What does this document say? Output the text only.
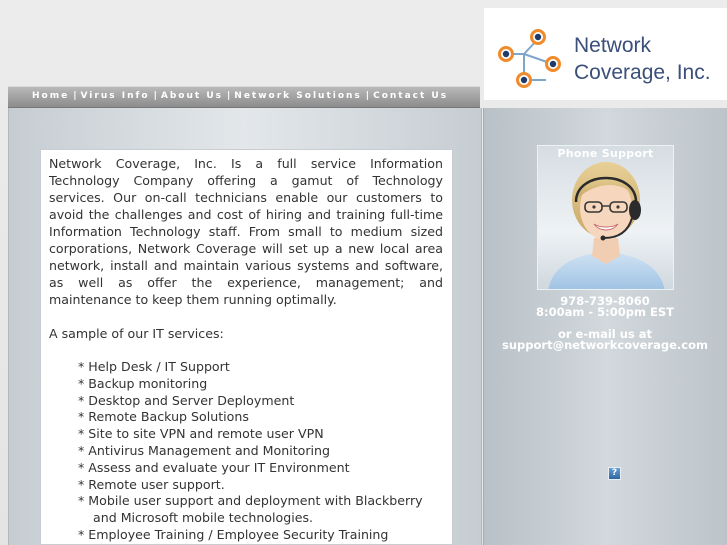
Network
Coverage, Inc.
Home | Virus Info | About Us | Network Solutions | Contact Us

Network Coverage, Inc. Is a full service Information Technology Company offering a gamut of Technology services. Our on-call technicians enable our customers to avoid the challenges and cost of hiring and training full-time Information Technology staff. From small to medium sized corporations, Network Coverage will set up a new local area network, install and maintain various systems and software, as well as offer the experience, management; and maintenance to keep them running optimally.

A sample of our IT services:
* Help Desk / IT Support
* Backup monitoring
* Desktop and Server Deployment
* Remote Backup Solutions
* Site to site VPN and remote user VPN
* Antivirus Management and Monitoring
* Assess and evaluate your IT Environment
* Remote user support.
* Mobile user support and deployment with Blackberry
and Microsoft mobile technologies.
* Employee Training / Employee Security Training
Phone Support
978-739-8060
8:00am - 5:00pm EST
or e-mail us at
support@networkcoverage.com
?
